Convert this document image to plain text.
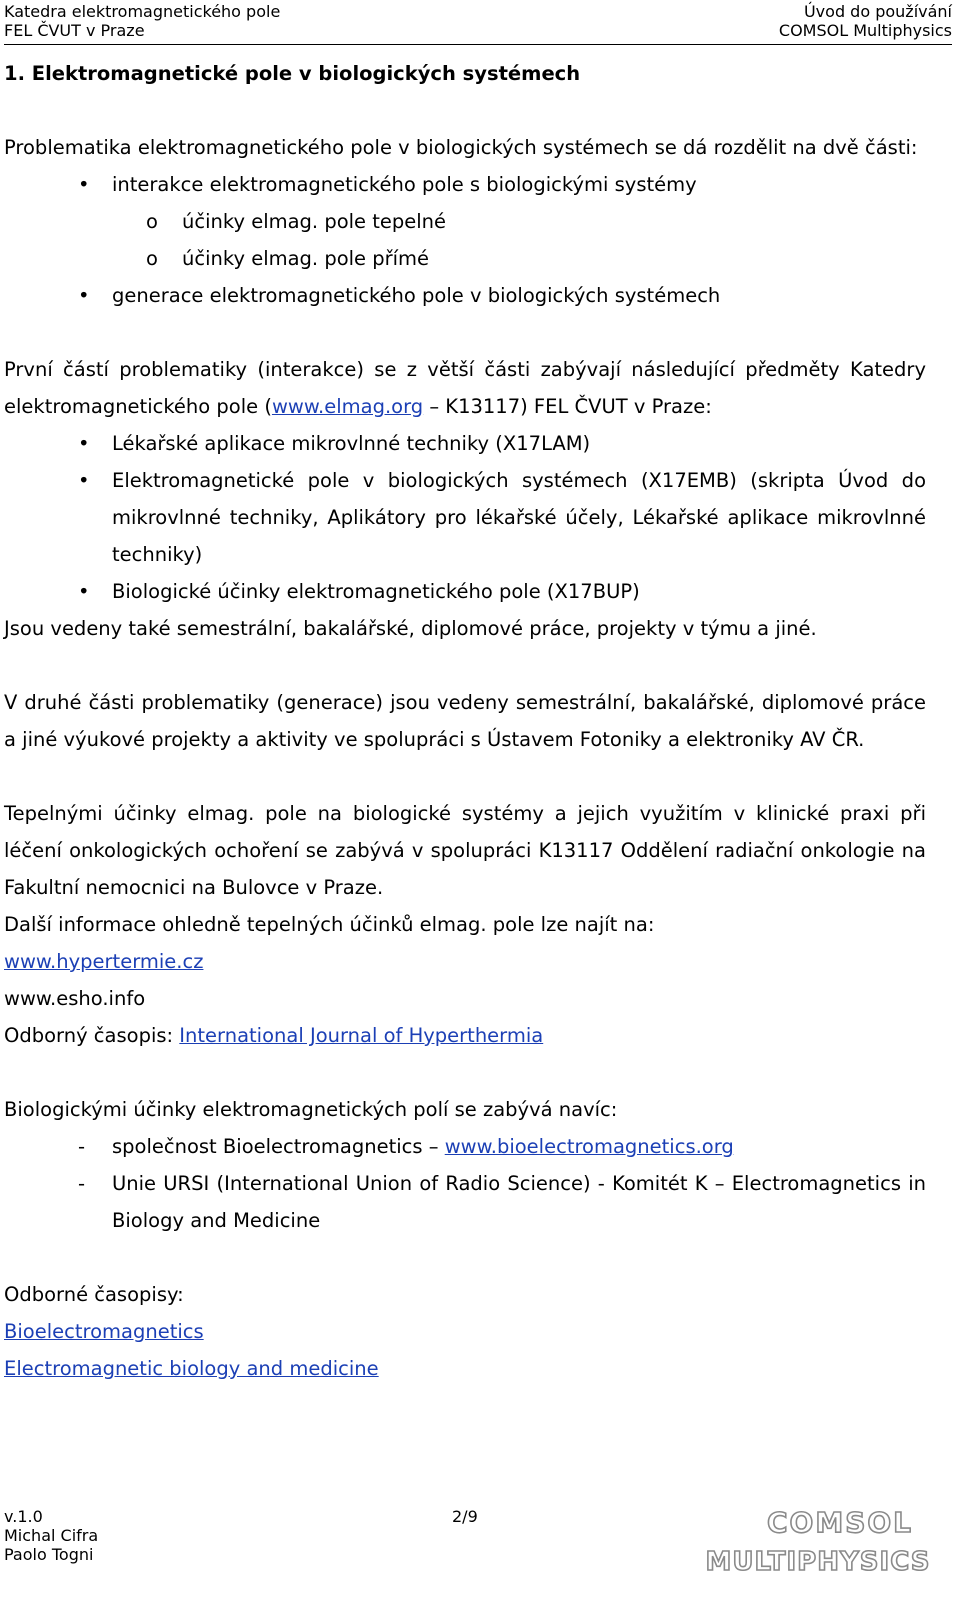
Katedra elektromagnetického pole
FEL ČVUT v Praze
Úvod do používání
COMSOL Multiphysics

1. Elektromagnetické pole v biologických systémech

Problematika elektromagnetického pole v biologických systémech se dá rozdělit na dvě části:

•	interakce elektromagnetického pole s biologickými systémy
o	účinky elmag. pole tepelné
o	účinky elmag. pole přímé
•	generace elektromagnetického pole v biologických systémech

První částí problematiky (interakce) se z větší části zabývají následující předměty Katedry elektromagnetického pole (www.elmag.org – K13117) FEL ČVUT v Praze:

•	Lékařské aplikace mikrovlnné techniky (X17LAM)
•	Elektromagnetické pole v biologických systémech (X17EMB) (skripta Úvod do mikrovlnné techniky, Aplikátory pro lékařské účely, Lékařské aplikace mikrovlnné techniky)
•	Biologické účinky elektromagnetického pole (X17BUP)

Jsou vedeny také semestrální, bakalářské, diplomové práce, projekty v týmu a jiné.

V druhé části problematiky (generace) jsou vedeny semestrální, bakalářské, diplomové práce a jiné výukové projekty a aktivity ve spolupráci s Ústavem Fotoniky a elektroniky AV ČR.

Tepelnými účinky elmag. pole na biologické systémy a jejich využitím v klinické praxi při léčení onkologických ochoření se zabývá v spolupráci K13117 Oddělení radiační onkologie na Fakultní nemocnici na Bulovce v Praze.

Další informace ohledně tepelných účinků elmag. pole lze najít na:

www.hypertermie.cz

www.esho.info

Odborný časopis: International Journal of Hyperthermia

Biologickými účinky elektromagnetických polí se zabývá navíc:

-	společnost Bioelectromagnetics – www.bioelectromagnetics.org
-	Unie URSI (International Union of Radio Science) - Komitét K – Electromagnetics in Biology and Medicine

Odborné časopisy:

Bioelectromagnetics

Electromagnetic biology and medicine

v.1.0
Michal Cifra
Paolo Togni
2/9	COMSOL
MULTIPHYSICS
